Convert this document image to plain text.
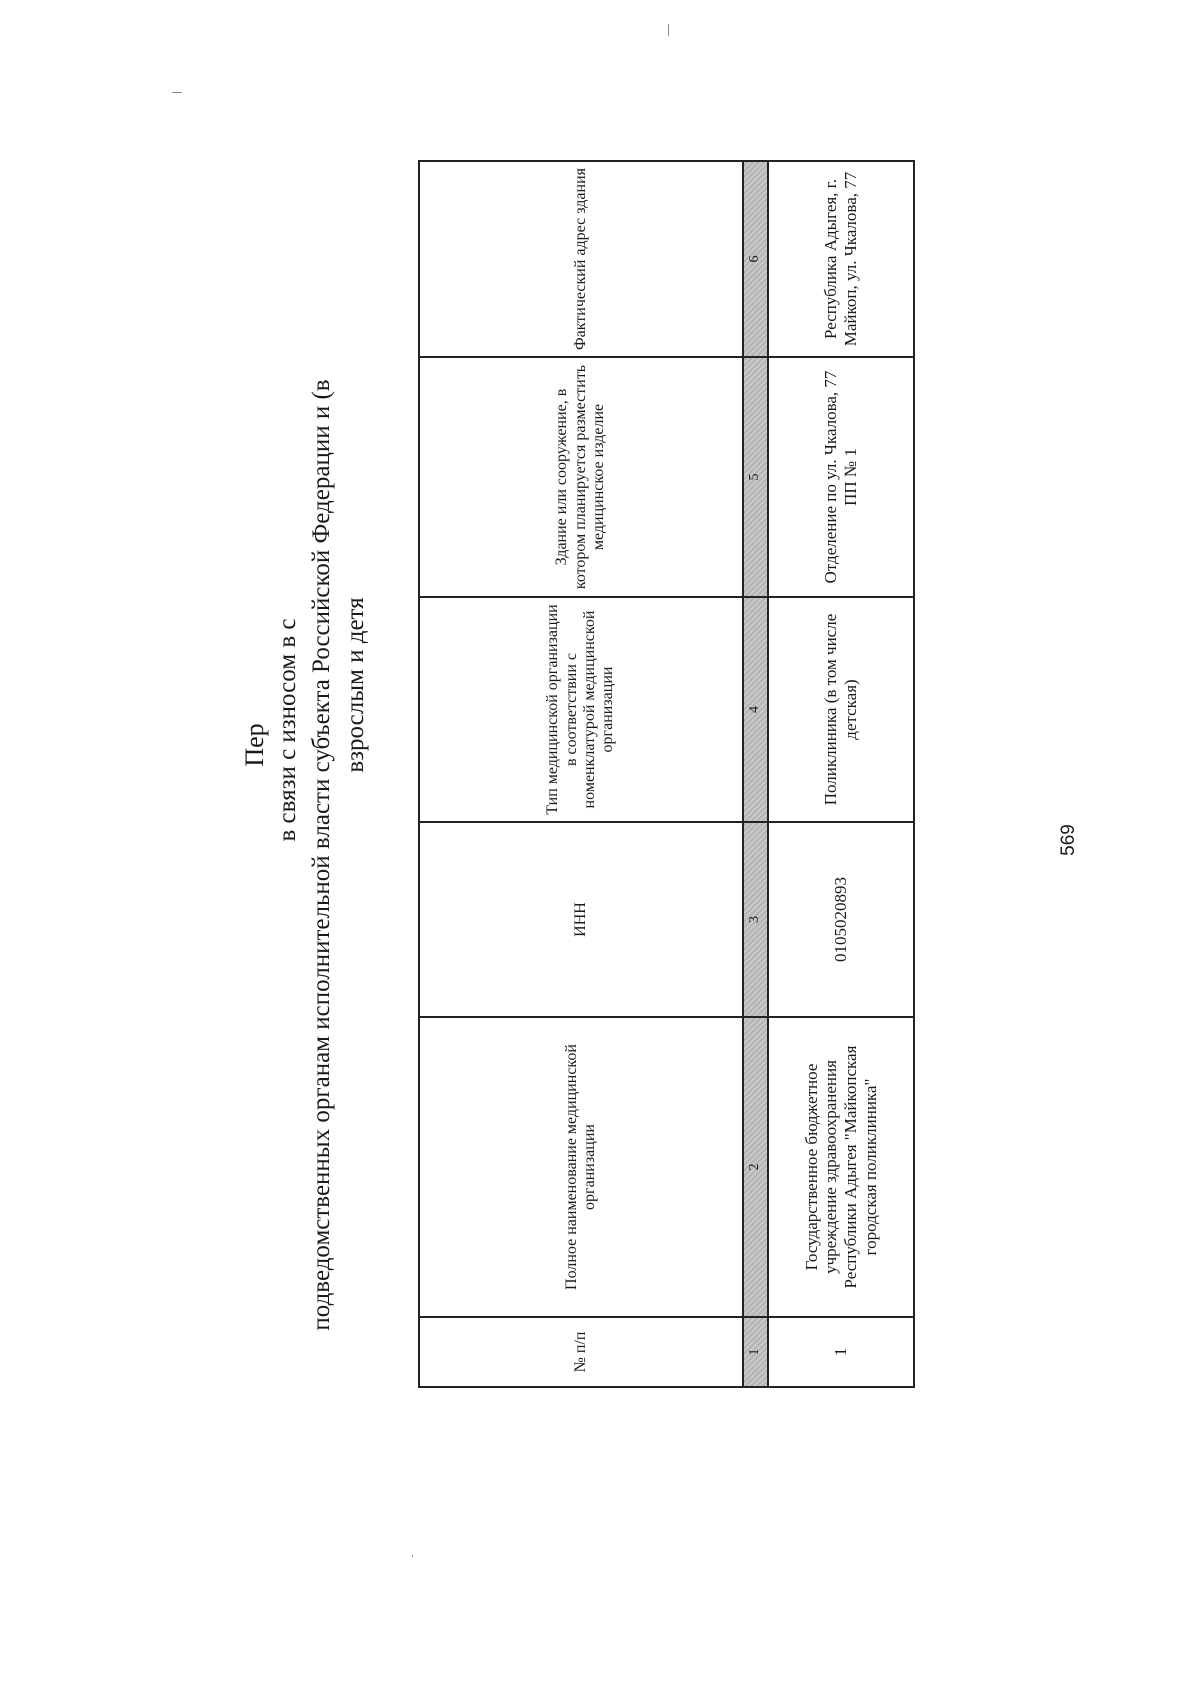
Пер в связи с износом в с подведомственных органам исполнительной власти субъекта Российской Федерации и (в взрослым и детя
№ п/п	Полное наименование медицинской организации	ИНН	Тип медицинской организации в соответствии с номенклатурой медицинской организации	Здание или сооружение, в котором планируется разместить медицинское изделие	Фактический адрес здания
1	2	3	4	5	6
1	Государственное бюджетное учреждение здравоохранения Республики Адыгея "Майкопская городская поликлиника"	0105020893	Поликлиника (в том числе детская)	Отделение по ул. Чкалова, 77 ПП № 1	Республика Адыгея, г. Майкоп, ул. Чкалова, 77
569
